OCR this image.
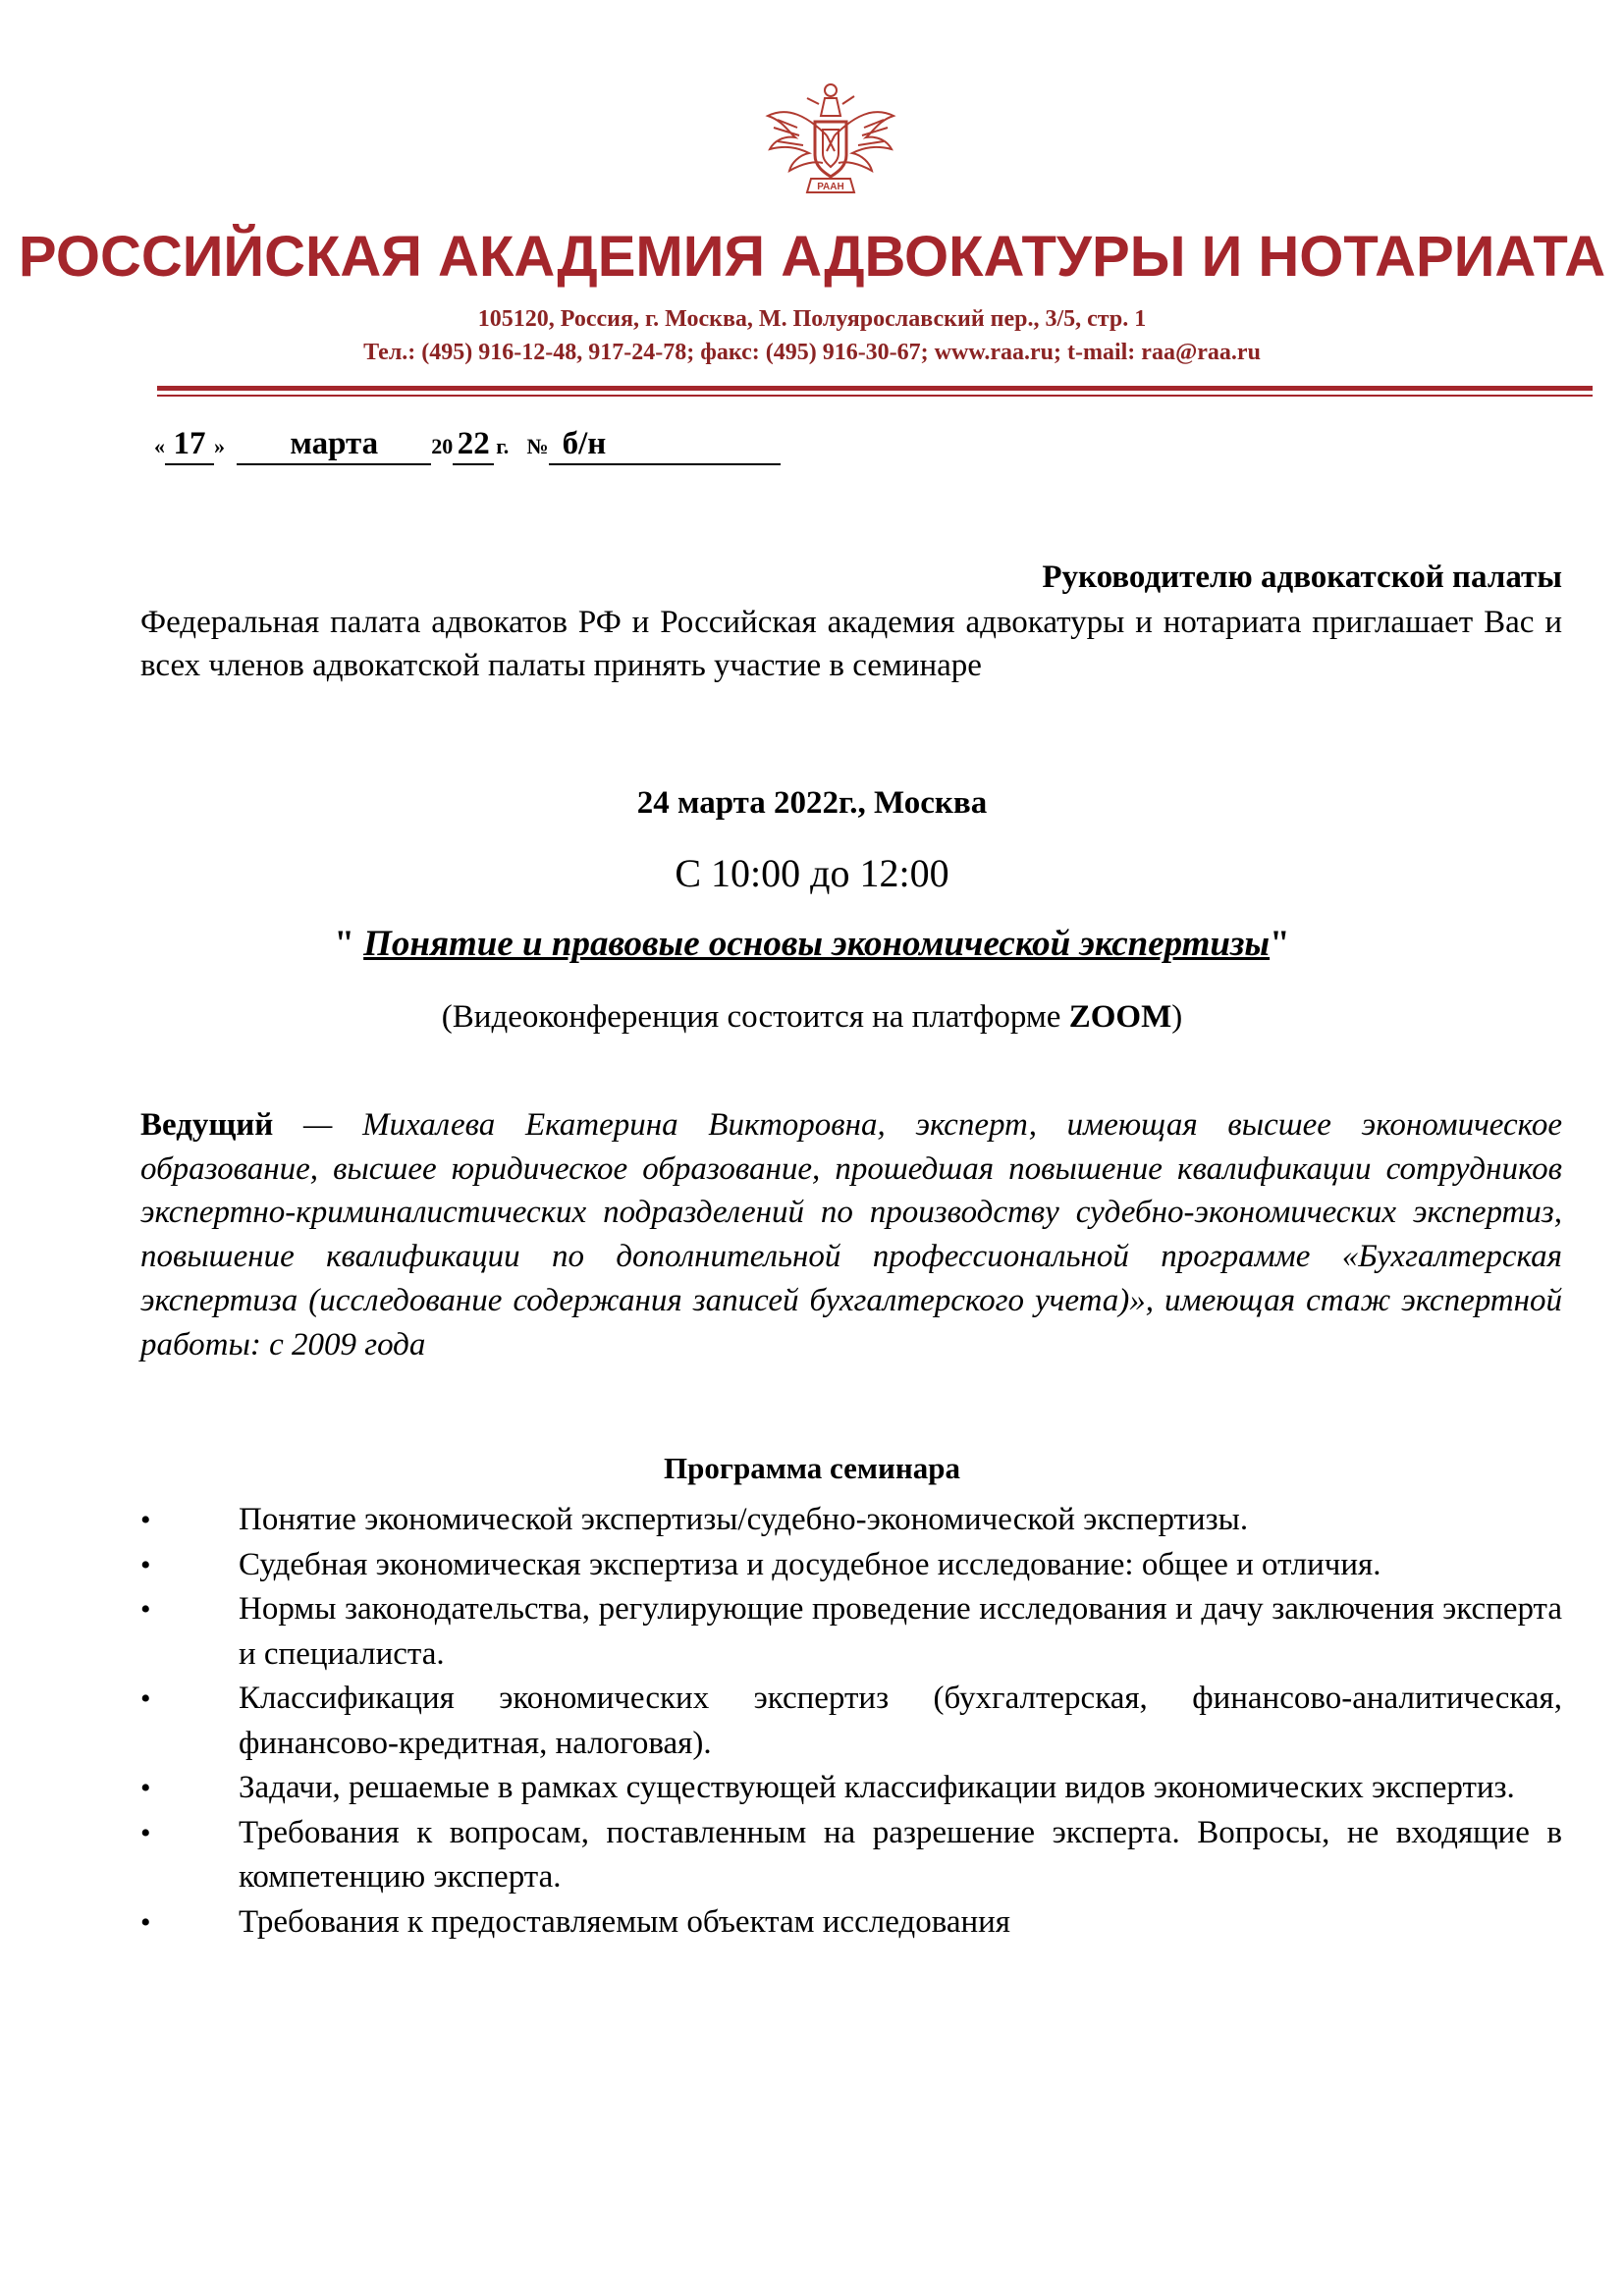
РААН
РОССИЙСКАЯ АКАДЕМИЯ АДВОКАТУРЫ И НОТАРИАТА
105120, Россия, г. Москва, М. Полуярославский пер., 3/5, стр. 1
Тел.: (495) 916-12-48, 917-24-78; факс: (495) 916-30-67; www.raa.ru; t-mail: raa@raa.ru
« 17 » марта 20 22 г. № б/н
Руководителю адвокатской палаты
Федеральная палата адвокатов РФ и Российская академия адвокатуры и нотариата приглашает Вас и всех членов адвокатской палаты принять участие в семинаре
24 марта 2022г., Москва
С 10:00 до 12:00
" Понятие и правовые основы экономической экспертизы"
(Видеоконференция состоится на платформе ZOOM)
Ведущий — Михалева Екатерина Викторовна, эксперт, имеющая высшее экономическое образование, высшее юридическое образование, прошедшая повышение квалификации сотрудников экспертно-криминалистических подразделений по производству судебно-экономических экспертиз, повышение квалификации по дополнительной профессиональной программе «Бухгалтерская экспертиза (исследование содержания записей бухгалтерского учета)», имеющая стаж экспертной работы: с 2009 года
Программа семинара
•	Понятие экономической экспертизы/судебно-экономической экспертизы.
•	Судебная экономическая экспертиза и досудебное исследование: общее и отличия.
•	Нормы законодательства, регулирующие проведение исследования и дачу заключения эксперта и специалиста.
•	Классификация экономических экспертиз (бухгалтерская, финансово-аналитическая, финансово-кредитная, налоговая).
•	Задачи, решаемые в рамках существующей классификации видов экономических экспертиз.
•	Требования к вопросам, поставленным на разрешение эксперта. Вопросы, не входящие в компетенцию эксперта.
•	Требования к предоставляемым объектам исследования
